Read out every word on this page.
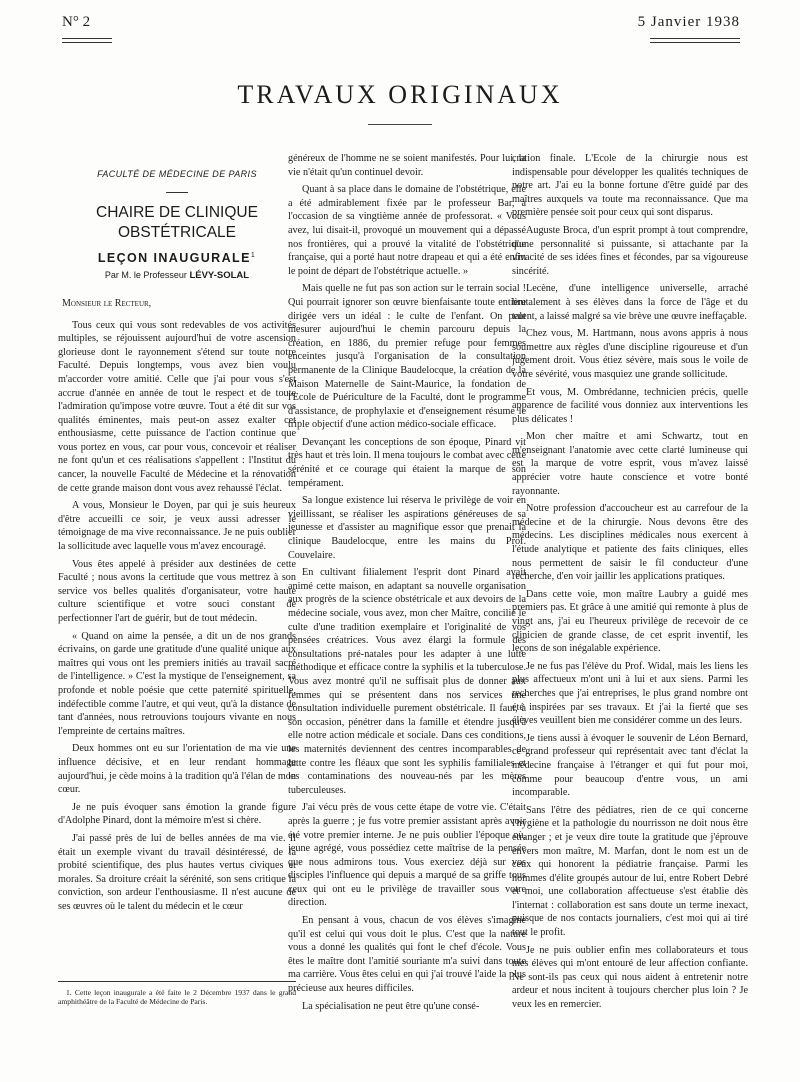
N° 2	5 Janvier 1938
TRAVAUX ORIGINAUX
FACULTÉ DE MÉDECINE DE PARIS
CHAIRE DE CLINIQUE
OBSTÉTRICALE
LEÇON INAUGURALE$^1$
Par M. le Professeur LÉVY-SOLAL
Monsieur le Recteur,

Tous ceux qui vous sont redevables de vos activités multiples, se réjouissent aujourd'hui de votre ascension glorieuse dont le rayonnement s'étend sur toute notre Faculté. Depuis longtemps, vous avez bien voulu m'accorder votre amitié. Celle que j'ai pour vous s'est accrue d'année en année de tout le respect et de toute l'admiration qu'impose votre œuvre. Tout a été dit sur vos qualités éminentes, mais peut-on assez exalter cet enthousiasme, cette puissance de l'action continue que vous portez en vous, car pour vous, concevoir et réaliser ne font qu'un et ces réalisations s'appellent : l'Institut du cancer, la nouvelle Faculté de Médecine et la rénovation de cette grande maison dont vous avez rehaussé l'éclat.

A vous, Monsieur le Doyen, par qui je suis heureux d'être accueilli ce soir, je veux aussi adresser le témoignage de ma vive reconnaissance. Je ne puis oublier la sollicitude avec laquelle vous m'avez encouragé.

Vous êtes appelé à présider aux destinées de cette Faculté ; nous avons la certitude que vous mettrez à son service vos belles qualités d'organisateur, votre haute culture scientifique et votre souci constant de perfectionner l'art de guérir, but de tout médecin.

« Quand on aime la pensée, a dit un de nos grands écrivains, on garde une gratitude d'une qualité unique aux maîtres qui vous ont les premiers initiés au travail sacré de l'intelligence. » C'est la mystique de l'enseignement, sa profonde et noble poésie que cette paternité spirituelle, indéfectible comme l'autre, et qui veut, qu'à la distance de tant d'années, nous retrouvions toujours vivante en nous l'empreinte de certains maîtres.

Deux hommes ont eu sur l'orientation de ma vie une influence décisive, et en leur rendant hommage aujourd'hui, je cède moins à la tradition qu'à l'élan de mon cœur.

Je ne puis évoquer sans émotion la grande figure d'Adolphe Pinard, dont la mémoire m'est si chère.

J'ai passé près de lui de belles années de ma vie. Il était un exemple vivant du travail désintéressé, de la probité scientifique, des plus hautes vertus civiques et morales. Sa droiture créait la sérénité, son sens critique la conviction, son ardeur l'enthousiasme. Il n'est aucune de ses œuvres où le talent du médecin et le cœur

1. Cette leçon inaugurale a été faite le 2 Décembre 1937 dans le grand amphithéâtre de la Faculté de Médecine de Paris.

généreux de l'homme ne se soient manifestés. Pour lui, la vie n'était qu'un continuel devoir.

Quant à sa place dans le domaine de l'obstétrique, elle a été admirablement fixée par le professeur Bar, à l'occasion de sa vingtième année de professorat. « Vous avez, lui disait-il, provoqué un mouvement qui a dépassé nos frontières, qui a prouvé la vitalité de l'obstétrique française, qui a porté haut notre drapeau et qui a été enfin le point de départ de l'obstétrique actuelle. »

Mais quelle ne fut pas son action sur le terrain social ! Qui pourrait ignorer son œuvre bienfaisante toute entière dirigée vers un idéal : le culte de l'enfant. On peut mesurer aujourd'hui le chemin parcouru depuis la création, en 1886, du premier refuge pour femmes enceintes jusqu'à l'organisation de la consultation permanente de la Clinique Baudelocque, la création de la Maison Maternelle de Saint-Maurice, la fondation de l'Ecole de Puériculture de la Faculté, dont le programme d'assistance, de prophylaxie et d'enseignement résume le triple objectif d'une action médico-sociale efficace.

Devançant les conceptions de son époque, Pinard vit très haut et très loin. Il mena toujours le combat avec cette sérénité et ce courage qui étaient la marque de son tempérament.

Sa longue existence lui réserva le privilège de voir en vieillissant, se réaliser les aspirations généreuses de sa jeunesse et d'assister au magnifique essor que prenait la clinique Baudelocque, entre les mains du Prof. Couvelaire.

En cultivant filialement l'esprit dont Pinard avait animé cette maison, en adaptant sa nouvelle organisation aux progrès de la science obstétricale et aux devoirs de la médecine sociale, vous avez, mon cher Maître, concilié le culte d'une tradition exemplaire et l'originalité de vos pensées créatrices. Vous avez élargi la formule des consultations pré-natales pour les adapter à une lutte méthodique et efficace contre la syphilis et la tuberculose. Vous avez montré qu'il ne suffisait plus de donner aux femmes qui se présentent dans nos services une consultation individuelle purement obstétricale. Il faut, à son occasion, pénétrer dans la famille et étendre jusqu'à elle notre action médicale et sociale. Dans ces conditions, les maternités deviennent des centres incomparables de lutte contre les fléaux que sont les syphilis familiales et les contaminations des nouveau-nés par les mères tuberculeuses.

J'ai vécu près de vous cette étape de votre vie. C'était après la guerre ; je fus votre premier assistant après avoir été votre premier interne. Je ne puis oublier l'époque où, jeune agrégé, vous possédiez cette maîtrise de la pensée que nous admirons tous. Vous exerciez déjà sur vos disciples l'influence qui depuis a marqué de sa griffe tous ceux qui ont eu le privilège de travailler sous votre direction.

En pensant à vous, chacun de vos élèves s'imagine qu'il est celui qui vous doit le plus. C'est que la nature vous a donné les qualités qui font le chef d'école. Vous êtes le maître dont l'amitié souriante m'a suivi dans toute ma carrière. Vous êtes celui en qui j'ai trouvé l'aide la plus précieuse aux heures difficiles.

La spécialisation ne peut être qu'une consé-

cration finale. L'Ecole de la chirurgie nous est indispensable pour développer les qualités techniques de notre art. J'ai eu la bonne fortune d'être guidé par des maîtres auxquels va toute ma reconnaissance. Que ma première pensée soit pour ceux qui sont disparus.

Auguste Broca, d'un esprit prompt à tout comprendre, d'une personnalité si puissante, si attachante par la vivacité de ses idées fines et fécondes, par sa vigoureuse sincérité.

Lecène, d'une intelligence universelle, arraché brutalement à ses élèves dans la force de l'âge et du talent, a laissé malgré sa vie brève une œuvre ineffaçable.

Chez vous, M. Hartmann, nous avons appris à nous soumettre aux règles d'une discipline rigoureuse et d'un jugement droit. Vous étiez sévère, mais sous le voile de votre sévérité, vous masquiez une grande sollicitude.

Et vous, M. Ombrédanne, technicien précis, quelle apparence de facilité vous donniez aux interventions les plus délicates !

Mon cher maître et ami Schwartz, tout en m'enseignant l'anatomie avec cette clarté lumineuse qui est la marque de votre esprit, vous m'avez laissé apprécier votre haute conscience et votre bonté rayonnante.

Notre profession d'accoucheur est au carrefour de la médecine et de la chirurgie. Nous devons être des médecins. Les disciplines médicales nous exercent à l'étude analytique et patiente des faits cliniques, elles nous permettent de saisir le fil conducteur d'une recherche, d'en voir jaillir les applications pratiques.

Dans cette voie, mon maître Laubry a guidé mes premiers pas. Et grâce à une amitié qui remonte à plus de vingt ans, j'ai eu l'heureux privilège de recevoir de ce clinicien de grande classe, de cet esprit inventif, les leçons de son inégalable expérience.

Je ne fus pas l'élève du Prof. Widal, mais les liens les plus affectueux m'ont uni à lui et aux siens. Parmi les recherches que j'ai entreprises, le plus grand nombre ont été inspirées par ses travaux. Et j'ai la fierté que ses élèves veuillent bien me considérer comme un des leurs.

Je tiens aussi à évoquer le souvenir de Léon Bernard, ce grand professeur qui représentait avec tant d'éclat la médecine française à l'étranger et qui fut pour moi, comme pour beaucoup d'entre vous, un ami incomparable.

Sans l'être des pédiatres, rien de ce qui concerne l'hygiène et la pathologie du nourrisson ne doit nous être étranger ; et je veux dire toute la gratitude que j'éprouve envers mon maître, M. Marfan, dont le nom est un de ceux qui honorent la pédiatrie française. Parmi les hommes d'élite groupés autour de lui, entre Robert Debré et moi, une collaboration affectueuse s'est établie dès l'internat : collaboration est sans doute un terme inexact, puisque de nos contacts journaliers, c'est moi qui ai tiré tout le profit.

Je ne puis oublier enfin mes collaborateurs et tous mes élèves qui m'ont entouré de leur affection confiante. Ne sont-ils pas ceux qui nous aident à entretenir notre ardeur et nous incitent à toujours chercher plus loin ? Je veux les en remercier.
